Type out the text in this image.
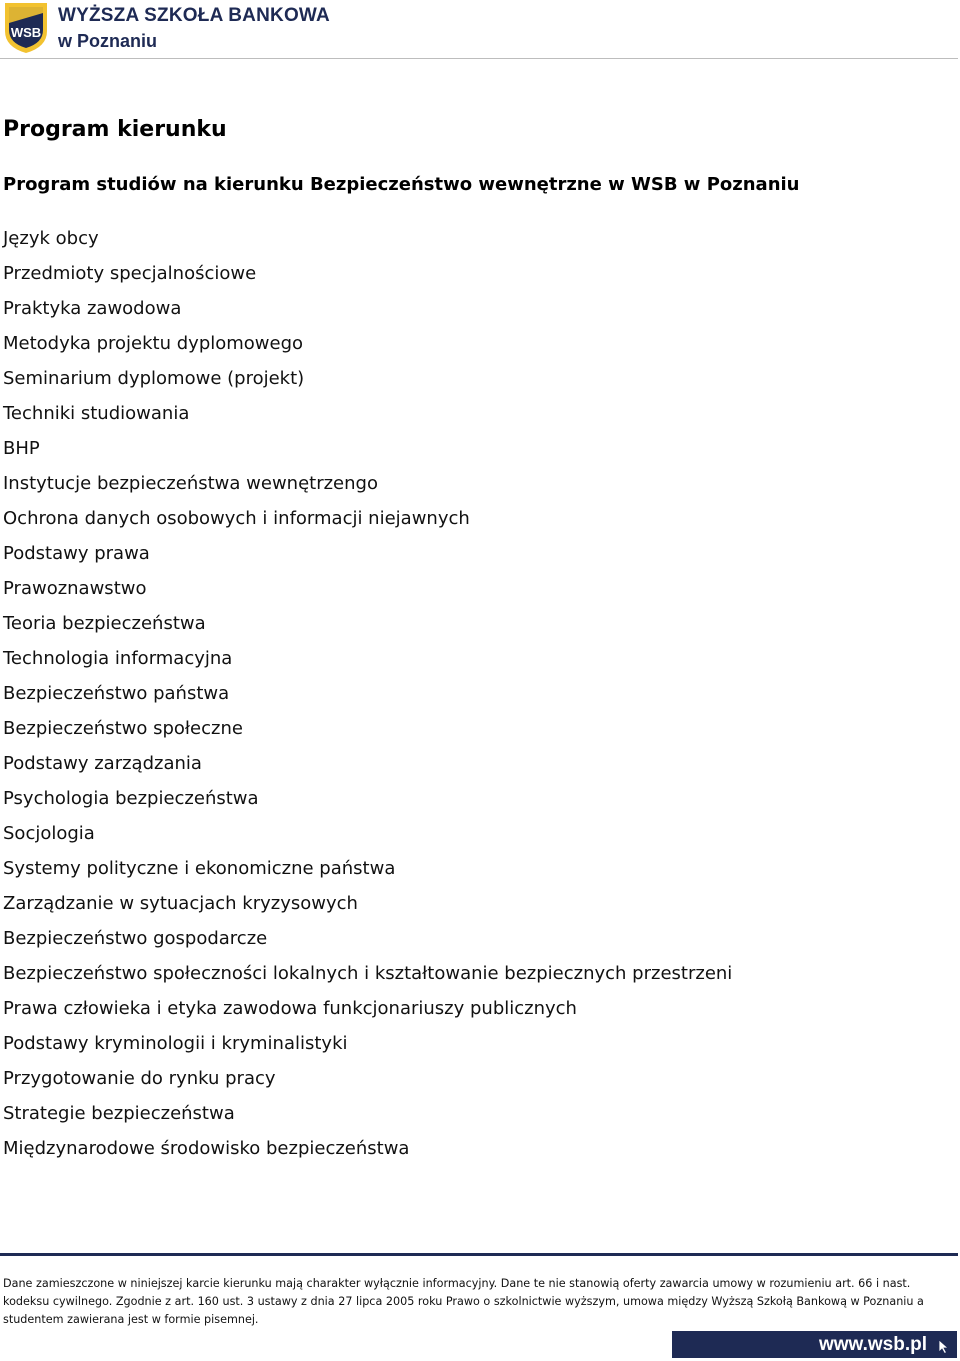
WSB

WYŻSZA SZKOŁA BANKOWA

w Poznaniu

Program kierunku
Program studiów na kierunku Bezpieczeństwo wewnętrzne w WSB w Poznaniu
Język obcy
Przedmioty specjalnościowe
Praktyka zawodowa
Metodyka projektu dyplomowego
Seminarium dyplomowe (projekt)
Techniki studiowania
BHP
Instytucje bezpieczeństwa wewnętrzengo
Ochrona danych osobowych i informacji niejawnych
Podstawy prawa
Prawoznawstwo
Teoria bezpieczeństwa
Technologia informacyjna
Bezpieczeństwo państwa
Bezpieczeństwo społeczne
Podstawy zarządzania
Psychologia bezpieczeństwa
Socjologia
Systemy polityczne i ekonomiczne państwa
Zarządzanie w sytuacjach kryzysowych
Bezpieczeństwo gospodarcze
Bezpieczeństwo społeczności lokalnych i kształtowanie bezpiecznych przestrzeni
Prawa człowieka i etyka zawodowa funkcjonariuszy publicznych
Podstawy kryminologii i kryminalistyki
Przygotowanie do rynku pracy
Strategie bezpieczeństwa
Międzynarodowe środowisko bezpieczeństwa

Dane zamieszczone w niniejszej karcie kierunku mają charakter wyłącznie informacyjny. Dane te nie stanowią oferty zawarcia umowy w rozumieniu art. 66 i nast. kodeksu cywilnego. Zgodnie z art. 160 ust. 3 ustawy z dnia 27 lipca 2005 roku Prawo o szkolnictwie wyższym, umowa między Wyższą Szkołą Bankową w Poznaniu a studentem zawierana jest w formie pisemnej.

www.wsb.pl
